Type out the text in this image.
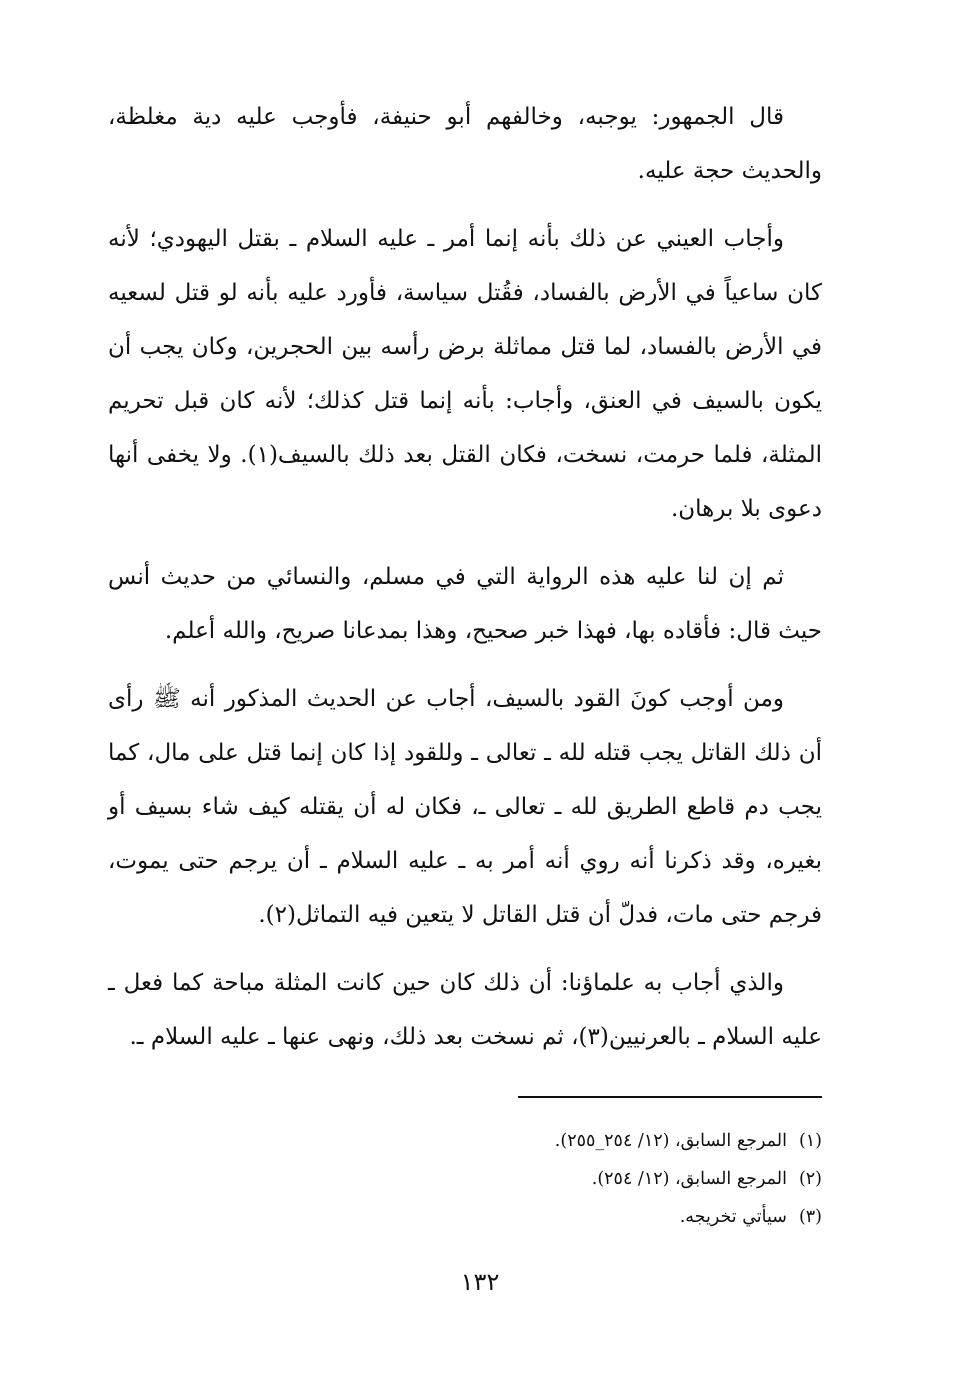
قال الجمهور: يوجبه، وخالفهم أبو حنيفة، فأوجب عليه دية مغلظة، والحديث حجة عليه.

وأجاب العيني عن ذلك بأنه إنما أمر ـ عليه السلام ـ بقتل اليهودي؛ لأنه كان ساعياً في الأرض بالفساد، فقُتل سياسة، فأورد عليه بأنه لو قتل لسعيه في الأرض بالفساد، لما قتل مماثلة برض رأسه بين الحجرين، وكان يجب أن يكون بالسيف في العنق، وأجاب: بأنه إنما قتل كذلك؛ لأنه كان قبل تحريم المثلة، فلما حرمت، نسخت، فكان القتل بعد ذلك بالسيف(١). ولا يخفى أنها دعوى بلا برهان.

ثم إن لنا عليه هذه الرواية التي في مسلم، والنسائي من حديث أنس حيث قال: فأقاده بها، فهذا خبر صحيح، وهذا بمدعانا صريح، والله أعلم.

ومن أوجب كونَ القود بالسيف، أجاب عن الحديث المذكور أنه ﷺ رأى أن ذلك القاتل يجب قتله لله ـ تعالى ـ وللقود إذا كان إنما قتل على مال، كما يجب دم قاطع الطريق لله ـ تعالى ـ، فكان له أن يقتله كيف شاء بسيف أو بغيره، وقد ذكرنا أنه روي أنه أمر به ـ عليه السلام ـ أن يرجم حتى يموت، فرجم حتى مات، فدلّ أن قتل القاتل لا يتعين فيه التماثل(٢).

والذي أجاب به علماؤنا: أن ذلك كان حين كانت المثلة مباحة كما فعل ـ عليه السلام ـ بالعرنيين(٣)، ثم نسخت بعد ذلك، ونهى عنها ـ عليه السلام ـ.

(١)المرجع السابق، (١٢/ ٢٥٤_٢٥٥).

(٢)المرجع السابق، (١٢/ ٢٥٤).

(٣)سيأتي تخريجه.

١٣٢
